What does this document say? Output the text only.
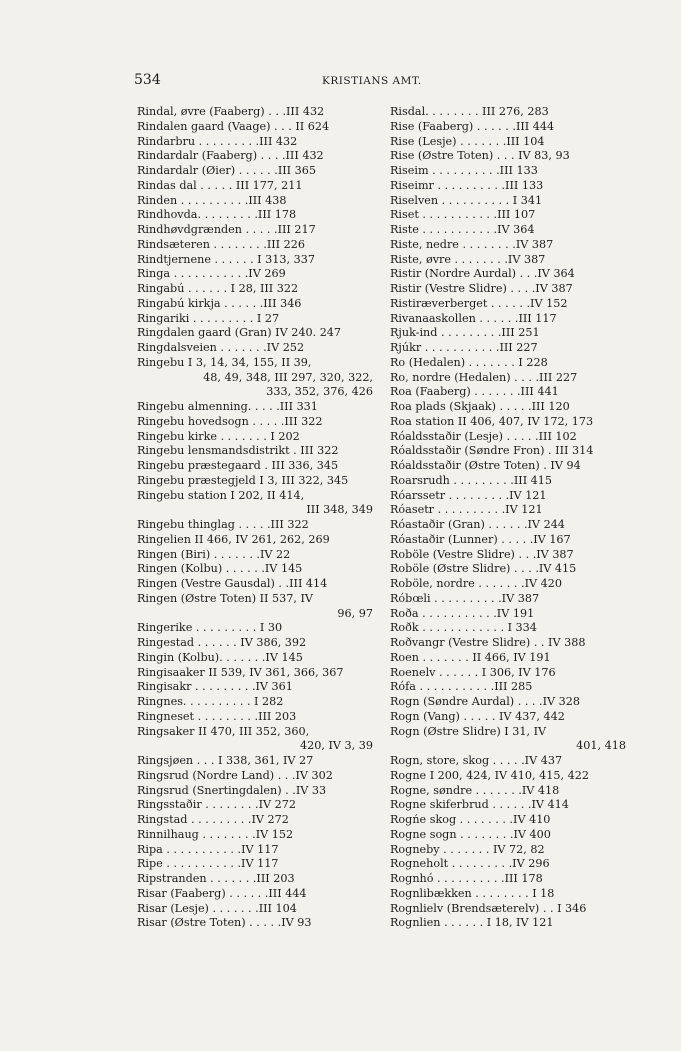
534	KRISTIANS AMT.
Rindal, øvre (Faaberg) . . .III 432
Rindalen gaard (Vaage) . . . II 624
Rindarbru . . . . . . . . .III 432
Rindardalr (Faaberg) . . . .III 432
Rindardalr (Øier) . . . . . .III 365
Rindas dal . . . . . III 177, 211
Rinden . . . . . . . . . .III 438
Rindhovda. . . . . . . . .III 178
Rindhøvdgrænden . . . . .III 217
Rindsæteren . . . . . . . .III 226
Rindtjernene . . . . . . I 313, 337
Ringa . . . . . . . . . . .IV 269
Ringabú . . . . . . I 28, III 322
Ringabú kirkja . . . . . .III 346
Ringariki . . . . . . . . . I 27
Ringdalen gaard (Gran) IV 240. 247
Ringdalsveien . . . . . . .IV 252
Ringebu I 3, 14, 34, 155, II 39,
48, 49, 348, III 297, 320, 322,
333, 352, 376, 426
Ringebu almenning. . . . .III 331
Ringebu hovedsogn . . . . .III 322
Ringebu kirke . . . . . . . I 202
Ringebu lensmandsdistrikt . III 322
Ringebu præstegaard . III 336, 345
Ringebu præstegjeld I 3, III 322, 345
Ringebu station I 202, II 414,
III 348, 349
Ringebu thinglag . . . . .III 322
Ringelien II 466, IV 261, 262, 269
Ringen (Biri) . . . . . . .IV 22
Ringen (Kolbu) . . . . . .IV 145
Ringen (Vestre Gausdal) . .III 414
Ringen (Østre Toten) II 537, IV
96, 97
Ringerike . . . . . . . . . I 30
Ringestad . . . . . . IV 386, 392
Ringin (Kolbu). . . . . . .IV 145
Ringisaaker II 539, IV 361, 366, 367
Ringisakr . . . . . . . . .IV 361
Ringnes. . . . . . . . . . I 282
Ringneset . . . . . . . . .III 203
Ringsaker II 470, III 352, 360,
420, IV 3, 39
Ringsjøen . . . I 338, 361, IV 27
Ringsrud (Nordre Land) . . .IV 302
Ringsrud (Snertingdalen) . .IV 33
Ringsstaðir . . . . . . . .IV 272
Ringstad . . . . . . . . .IV 272
Rinnilhaug . . . . . . . .IV 152
Ripa . . . . . . . . . . .IV 117
Ripe . . . . . . . . . . .IV 117
Ripstranden . . . . . . .III 203
Risar (Faaberg) . . . . . .III 444
Risar (Lesje) . . . . . . .III 104
Risar (Østre Toten) . . . . .IV 93
Risdal. . . . . . . . III 276, 283
Rise (Faaberg) . . . . . .III 444
Rise (Lesje) . . . . . . .III 104
Rise (Østre Toten) . . . IV 83, 93
Riseim . . . . . . . . . .III 133
Riseimr . . . . . . . . . .III 133
Riselven . . . . . . . . . . I 341
Riset . . . . . . . . . . .III 107
Riste . . . . . . . . . . .IV 364
Riste, nedre . . . . . . . .IV 387
Riste, øvre . . . . . . . .IV 387
Ristir (Nordre Aurdal) . . .IV 364
Ristir (Vestre Slidre) . . . .IV 387
Ristiræverberget . . . . . .IV 152
Rivanaaskollen . . . . . .III 117
Rjuk-ind . . . . . . . . .III 251
Rjúkr . . . . . . . . . . .III 227
Ro (Hedalen) . . . . . . . I 228
Ro, nordre (Hedalen) . . . .III 227
Roa (Faaberg) . . . . . . .III 441
Roa plads (Skjaak) . . . . .III 120
Roa station II 406, 407, IV 172, 173
Róaldsstaðir (Lesje) . . . . .III 102
Róaldsstaðir (Søndre Fron) . III 314
Róaldsstaðir (Østre Toten) . IV 94
Roarsrudh . . . . . . . . .III 415
Róarssetr . . . . . . . . .IV 121
Róasetr . . . . . . . . . .IV 121
Róastaðir (Gran) . . . . . .IV 244
Róastaðir (Lunner) . . . . .IV 167
Roböle (Vestre Slidre) . . .IV 387
Roböle (Østre Slidre) . . . .IV 415
Roböle, nordre . . . . . . .IV 420
Róbœli . . . . . . . . . .IV 387
Roða . . . . . . . . . . .IV 191
Roðk . . . . . . . . . . . . I 334
Roðvangr (Vestre Slidre) . . IV 388
Roen . . . . . . . II 466, IV 191
Roenelv . . . . . . I 306, IV 176
Rófa . . . . . . . . . . .III 285
Rogn (Søndre Aurdal) . . . .IV 328
Rogn (Vang) . . . . . IV 437, 442
Rogn (Østre Slidre) I 31, IV
401, 418
Rogn, store, skog . . . . .IV 437
Rogne I 200, 424, IV 410, 415, 422
Rogne, søndre . . . . . . .IV 418
Rogne skiferbrud . . . . . .IV 414
Rogńe skog . . . . . . . .IV 410
Rogne sogn . . . . . . . .IV 400
Rogneby . . . . . . . IV 72, 82
Rogneholt . . . . . . . . .IV 296
Rognhó . . . . . . . . . .III 178
Rognlibækken . . . . . . . . I 18
Rognlielv (Brendsæterelv) . . I 346
Rognlien . . . . . . I 18, IV 121
